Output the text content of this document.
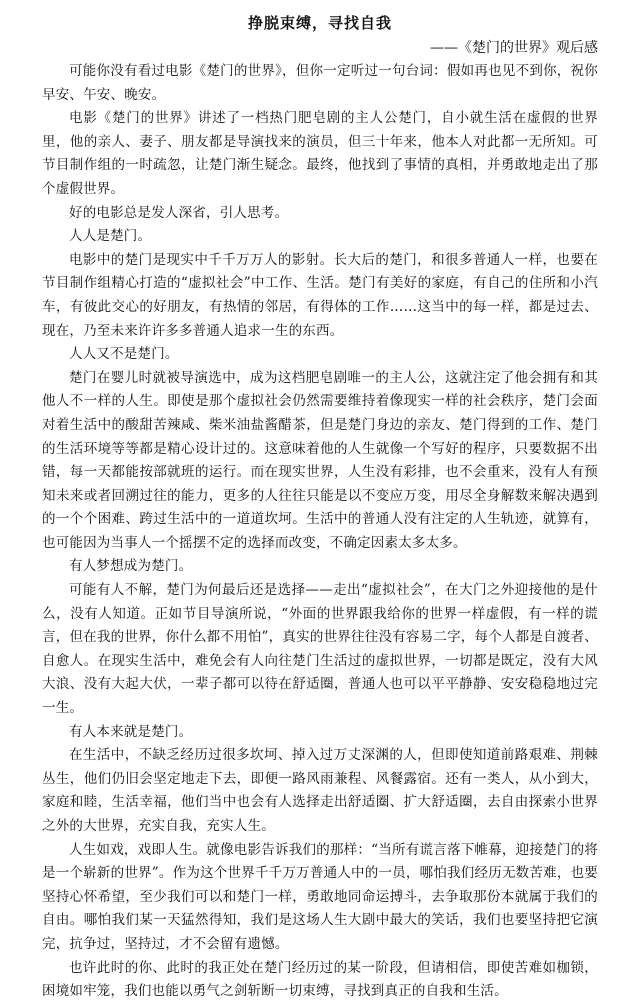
挣脱束缚，寻找自我

——《楚门的世界》观后感

可能你没有看过电影《楚门的世界》，但你一定听过一句台词：假如再也见不到你，祝你早安、午安、晚安。

电影《楚门的世界》讲述了一档热门肥皂剧的主人公楚门，自小就生活在虚假的世界里，他的亲人、妻子、朋友都是导演找来的演员，但三十年来，他本人对此都一无所知。可节目制作组的一时疏忽，让楚门渐生疑念。最终，他找到了事情的真相，并勇敢地走出了那个虚假世界。

好的电影总是发人深省，引人思考。

人人是楚门。

电影中的楚门是现实中千千万万人的影射。长大后的楚门，和很多普通人一样，也要在节目制作组精心打造的“虚拟社会”中工作、生活。楚门有美好的家庭，有自己的住所和小汽车，有彼此交心的好朋友，有热情的邻居，有得体的工作……这当中的每一样，都是过去、现在，乃至未来许许多多普通人追求一生的东西。

人人又不是楚门。

楚门在婴儿时就被导演选中，成为这档肥皂剧唯一的主人公，这就注定了他会拥有和其他人不一样的人生。即使是那个虚拟社会仍然需要维持着像现实一样的社会秩序，楚门会面对着生活中的酸甜苦辣咸、柴米油盐酱醋茶，但是楚门身边的亲友、楚门得到的工作、楚门的生活环境等等都是精心设计过的。这意味着他的人生就像一个写好的程序，只要数据不出错，每一天都能按部就班的运行。而在现实世界，人生没有彩排，也不会重来，没有人有预知未来或者回溯过往的能力，更多的人往往只能是以不变应万变，用尽全身解数来解决遇到的一个个困难、跨过生活中的一道道坎坷。生活中的普通人没有注定的人生轨迹，就算有，也可能因为当事人一个摇摆不定的选择而改变，不确定因素太多太多。

有人梦想成为楚门。

可能有人不解，楚门为何最后还是选择——走出“虚拟社会”，在大门之外迎接他的是什么，没有人知道。正如节目导演所说，“外面的世界跟我给你的世界一样虚假，有一样的谎言，但在我的世界，你什么都不用怕”，真实的世界往往没有容易二字，每个人都是自渡者、自愈人。在现实生活中，难免会有人向往楚门生活过的虚拟世界，一切都是既定，没有大风大浪、没有大起大伏，一辈子都可以待在舒适圈，普通人也可以平平静静、安安稳稳地过完一生。

有人本来就是楚门。

在生活中，不缺乏经历过很多坎坷、掉入过万丈深渊的人，但即使知道前路艰难、荆棘丛生，他们仍旧会坚定地走下去，即便一路风雨兼程、风餐露宿。还有一类人，从小到大，家庭和睦，生活幸福，他们当中也会有人选择走出舒适圈、扩大舒适圈，去自由探索小世界之外的大世界，充实自我，充实人生。

人生如戏，戏即人生。就像电影告诉我们的那样：“当所有谎言落下帷幕，迎接楚门的将是一个崭新的世界”。作为这个世界千千万万普通人中的一员，哪怕我们经历无数苦难，也要坚持心怀希望，至少我们可以和楚门一样，勇敢地同命运搏斗，去争取那份本就属于我们的自由。哪怕我们某一天猛然得知，我们是这场人生大剧中最大的笑话，我们也要坚持把它演完，抗争过，坚持过，才不会留有遗憾。

也许此时的你、此时的我正处在楚门经历过的某一阶段，但请相信，即使苦难如枷锁，困境如牢笼，我们也能以勇气之剑斩断一切束缚，寻找到真正的自我和生活。
